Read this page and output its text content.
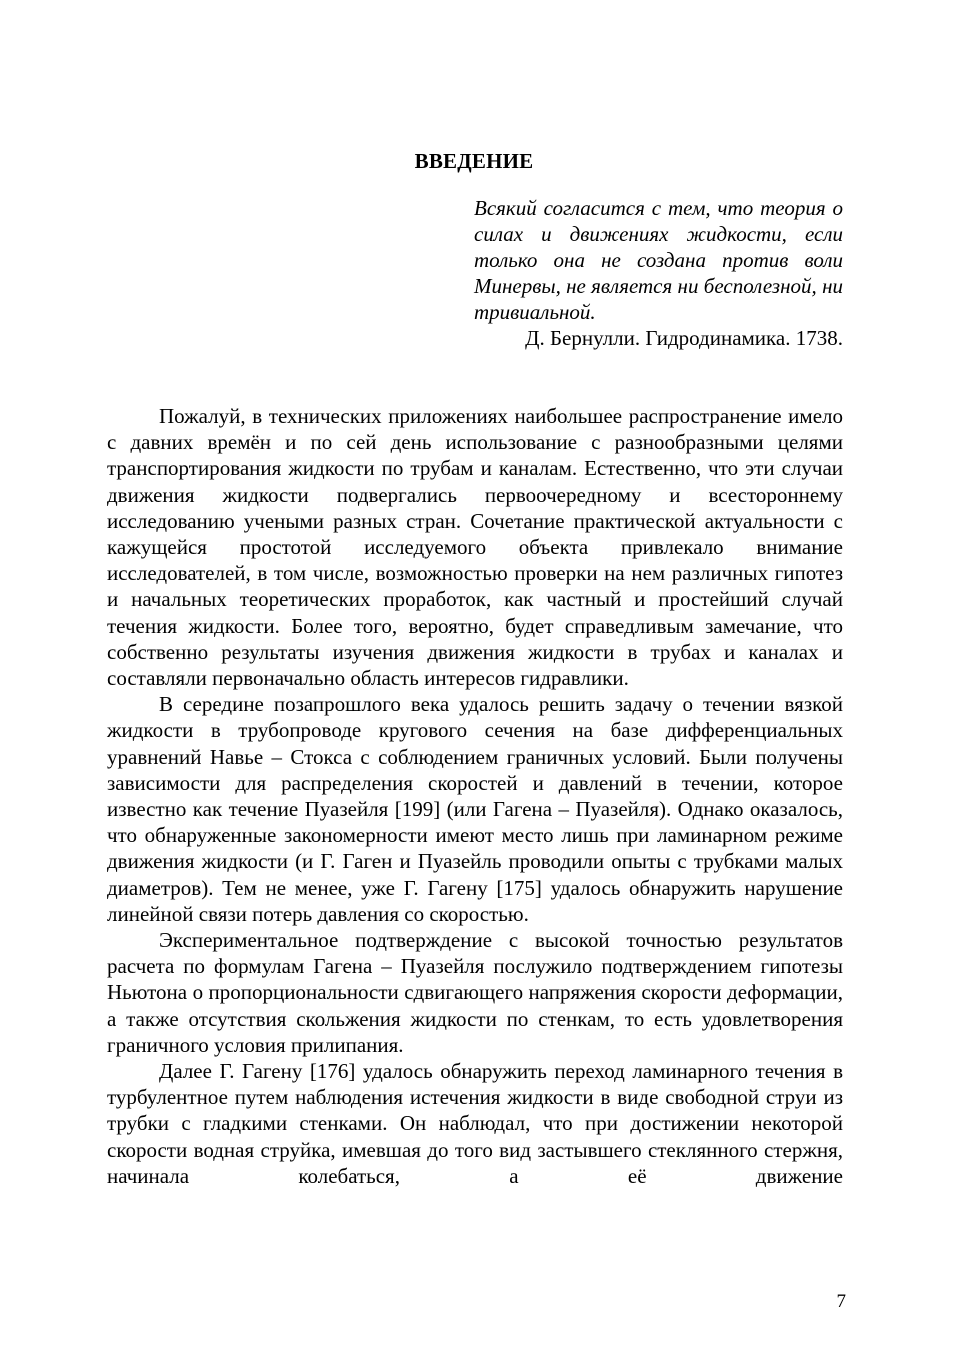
ВВЕДЕНИЕ
Всякий согласится с тем, что теория о силах и движениях жидкости, если только она не создана против воли Минервы, не является ни бесполезной, ни тривиальной.
Д. Бернулли. Гидродинамика. 1738.

Пожалуй, в технических приложениях наибольшее распространение имело с давних времён и по сей день использование с разнообразными целями транспортирования жидкости по трубам и каналам. Естественно, что эти случаи движения жидкости подвергались первоочередному и всестороннему исследованию учеными разных стран. Сочетание практической актуальности с кажущейся простотой исследуемого объекта привлекало внимание исследователей, в том числе, возможностью проверки на нем различных гипотез и начальных теоретических проработок, как частный и простейший случай течения жидкости. Более того, вероятно, будет справедливым замечание, что собственно результаты изучения движения жидкости в трубах и каналах и составляли первоначально область интересов гидравлики.

В середине позапрошлого века удалось решить задачу о течении вязкой жидкости в трубопроводе кругового сечения на базе дифференциальных уравнений Навье – Стокса с соблюдением граничных условий. Были получены зависимости для распределения скоростей и давлений в течении, которое известно как течение Пуазейля [199] (или Гагена – Пуазейля). Однако оказалось, что обнаруженные закономерности имеют место лишь при ламинарном режиме движения жидкости (и Г. Гаген и Пуазейль проводили опыты с трубками малых диаметров). Тем не менее, уже Г. Гагену [175] удалось обнаружить нарушение линейной связи потерь давления со скоростью.

Экспериментальное подтверждение с высокой точностью результатов расчета по формулам Гагена – Пуазейля послужило подтверждением гипотезы Ньютона о пропорциональности сдвигающего напряжения скорости деформации, а также отсутствия скольжения жидкости по стенкам, то есть удовлетворения граничного условия прилипания.

Далее Г. Гагену [176] удалось обнаружить переход ламинарного течения в турбулентное путем наблюдения истечения жидкости в виде свободной струи из трубки с гладкими стенками. Он наблюдал, что при достижении некоторой скорости водная струйка, имевшая до того вид застывшего стеклянного стержня, начинала колебаться, а её движение

7
